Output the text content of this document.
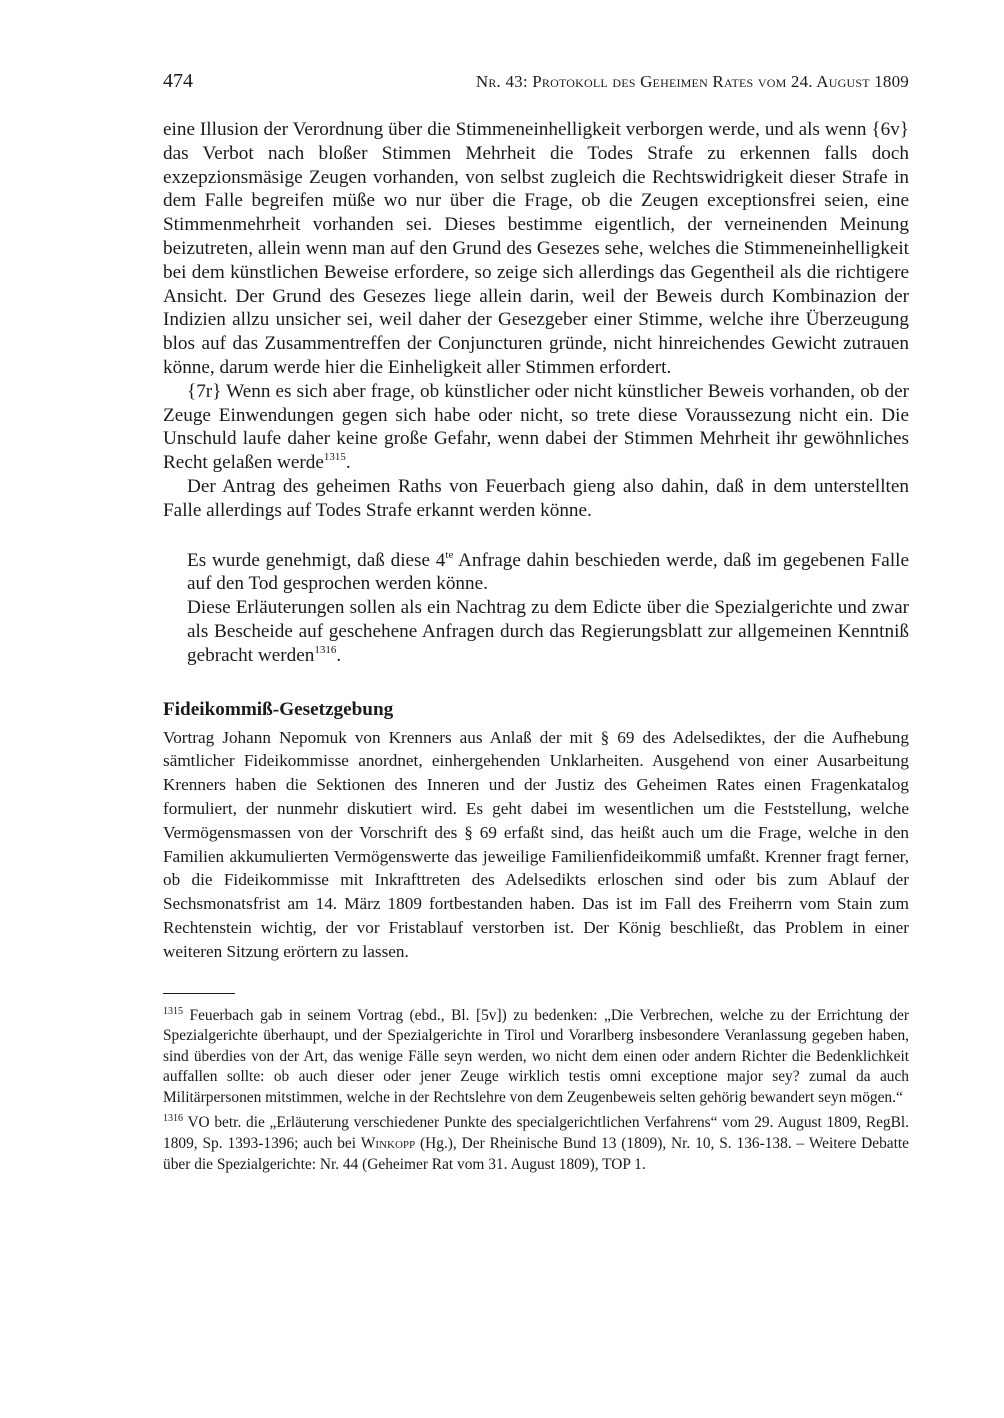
474	Nr. 43: Protokoll des Geheimen Rates vom 24. August 1809

eine Illusion der Verordnung über die Stimmeneinhelligkeit verborgen werde, und als wenn {6v} das Verbot nach bloßer Stimmen Mehrheit die Todes Strafe zu erkennen falls doch exzepzionsmäsige Zeugen vorhanden, von selbst zugleich die Rechtswidrigkeit dieser Strafe in dem Falle begreifen müße wo nur über die Frage, ob die Zeugen exceptionsfrei seien, eine Stimmenmehrheit vorhanden sei. Dieses bestimme eigentlich, der verneinenden Meinung beizutreten, allein wenn man auf den Grund des Gesezes sehe, welches die Stimmeneinhelligkeit bei dem künstlichen Beweise erfordere, so zeige sich allerdings das Gegentheil als die richtigere Ansicht. Der Grund des Gesezes liege allein darin, weil der Beweis durch Kombinazion der Indizien allzu unsicher sei, weil daher der Gesezgeber einer Stimme, welche ihre Überzeugung blos auf das Zusammentreffen der Conjuncturen gründe, nicht hinreichendes Gewicht zutrauen könne, darum werde hier die Einheligkeit aller Stimmen erfordert.

{7r} Wenn es sich aber frage, ob künstlicher oder nicht künstlicher Beweis vorhanden, ob der Zeuge Einwendungen gegen sich habe oder nicht, so trete diese Voraussezung nicht ein. Die Unschuld laufe daher keine große Gefahr, wenn dabei der Stimmen Mehrheit ihr gewöhnliches Recht gelaßen werde$^{1315}$.

Der Antrag des geheimen Raths von Feuerbach gieng also dahin, daß in dem unterstellten Falle allerdings auf Todes Strafe erkannt werden könne.

Es wurde genehmigt, daß diese $4^{te}$ Anfrage dahin beschieden werde, daß im gegebenen Falle auf den Tod gesprochen werden könne.

Diese Erläuterungen sollen als ein Nachtrag zu dem Edicte über die Spezialgerichte und zwar als Bescheide auf geschehene Anfragen durch das Regierungsblatt zur allgemeinen Kenntniß gebracht werden$^{1316}$.

Fideikommiß-Gesetzgebung

Vortrag Johann Nepomuk von Krenners aus Anlaß der mit § 69 des Adelsediktes, der die Aufhebung sämtlicher Fideikommisse anordnet, einhergehenden Unklarheiten. Ausgehend von einer Ausarbeitung Krenners haben die Sektionen des Inneren und der Justiz des Geheimen Rates einen Fragenkatalog formuliert, der nunmehr diskutiert wird. Es geht dabei im wesentlichen um die Feststellung, welche Vermögensmassen von der Vorschrift des § 69 erfaßt sind, das heißt auch um die Frage, welche in den Familien akkumulierten Vermögenswerte das jeweilige Familienfideikommiß umfaßt. Krenner fragt ferner, ob die Fideikommisse mit Inkrafttreten des Adelsedikts erloschen sind oder bis zum Ablauf der Sechsmonatsfrist am 14. März 1809 fortbestanden haben. Das ist im Fall des Freiherrn vom Stain zum Rechtenstein wichtig, der vor Fristablauf verstorben ist. Der König beschließt, das Problem in einer weiteren Sitzung erörtern zu lassen.

$^{1315}$ Feuerbach gab in seinem Vortrag (ebd., Bl. [5v]) zu bedenken: „Die Verbrechen, welche zu der Errichtung der Spezialgerichte überhaupt, und der Spezialgerichte in Tirol und Vorarlberg insbesondere Veranlassung gegeben haben, sind überdies von der Art, das wenige Fälle seyn werden, wo nicht dem einen oder andern Richter die Bedenklichkeit auffallen sollte: ob auch dieser oder jener Zeuge wirklich testis omni exceptione major sey? zumal da auch Militärpersonen mitstimmen, welche in der Rechtslehre von dem Zeugenbeweis selten gehörig bewandert seyn mögen.“

$^{1316}$ VO betr. die „Erläuterung verschiedener Punkte des specialgerichtlichen Verfahrens“ vom 29. August 1809, RegBl. 1809, Sp. 1393-1396; auch bei Winkopp (Hg.), Der Rheinische Bund 13 (1809), Nr. 10, S. 136-138. – Weitere Debatte über die Spezialgerichte: Nr. 44 (Geheimer Rat vom 31. August 1809), TOP 1.
